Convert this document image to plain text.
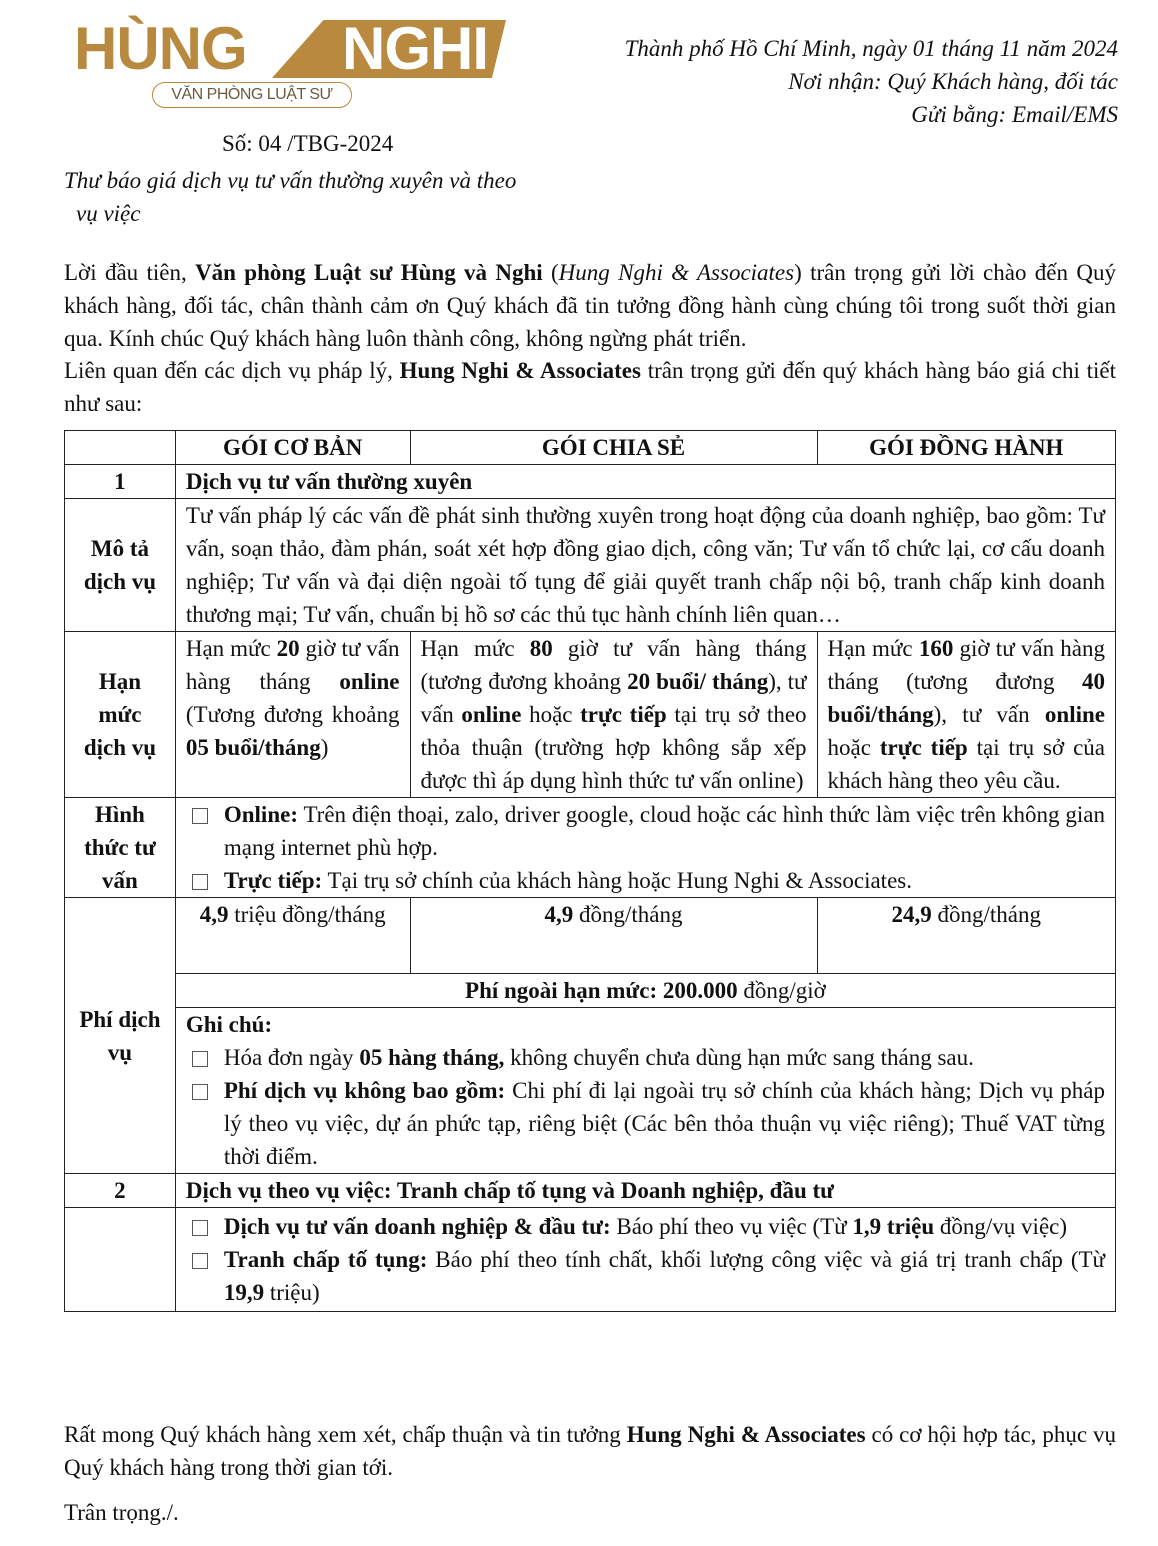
HÙNG NGHI
VĂN PHÒNG LUẬT SƯ
Thành phố Hồ Chí Minh, ngày 01 tháng 11 năm 2024
Nơi nhận: Quý Khách hàng, đối tác
Gửi bằng: Email/EMS
Số: 04 /TBG-2024
Thư báo giá dịch vụ tư vấn thường xuyên và theo
vụ việc
Lời đầu tiên, Văn phòng Luật sư Hùng và Nghi (Hung Nghi & Associates) trân trọng gửi lời chào đến Quý khách hàng, đối tác, chân thành cảm ơn Quý khách đã tin tưởng đồng hành cùng chúng tôi trong suốt thời gian qua. Kính chúc Quý khách hàng luôn thành công, không ngừng phát triển.
Liên quan đến các dịch vụ pháp lý, Hung Nghi & Associates trân trọng gửi đến quý khách hàng báo giá chi tiết như sau:
	GÓI CƠ BẢN	GÓI CHIA SẺ	GÓI ĐỒNG HÀNH
1	Dịch vụ tư vấn thường xuyên		
Mô tả dịch vụ	Tư vấn pháp lý các vấn đề phát sinh thường xuyên trong hoạt động của doanh nghiệp, bao gồm: Tư vấn, soạn thảo, đàm phán, soát xét hợp đồng giao dịch, công văn; Tư vấn tổ chức lại, cơ cấu doanh nghiệp; Tư vấn và đại diện ngoài tố tụng để giải quyết tranh chấp nội bộ, tranh chấp kinh doanh thương mại; Tư vấn, chuẩn bị hồ sơ các thủ tục hành chính liên quan…		
Hạn mức dịch vụ	Hạn mức 20 giờ tư vấn hàng tháng online (Tương đương khoảng 05 buổi/tháng)	Hạn mức 80 giờ tư vấn hàng tháng (tương đương khoảng 20 buổi/ tháng), tư vấn online hoặc trực tiếp tại trụ sở theo thỏa thuận (trường hợp không sắp xếp được thì áp dụng hình thức tư vấn online)	Hạn mức 160 giờ tư vấn hàng tháng (tương đương 40 buổi/tháng), tư vấn online hoặc trực tiếp tại trụ sở của khách hàng theo yêu cầu.
Hình thức tư vấn	Online: Trên điện thoại, zalo, driver google, cloud hoặc các hình thức làm việc trên không gian mạng internet phù hợp.
Trực tiếp: Tại trụ sở chính của khách hàng hoặc Hung Nghi & Associates.		

Phí dịch vụ	4,9 triệu đồng/tháng	4,9 đồng/tháng	24,9 đồng/tháng
	Phí ngoài hạn mức: 200.000 đồng/giờ		

	Ghi chú:
Hóa đơn ngày 05 hàng tháng, không chuyển chưa dùng hạn mức sang tháng sau.
Phí dịch vụ không bao gồm: Chi phí đi lại ngoài trụ sở chính của khách hàng; Dịch vụ pháp lý theo vụ việc, dự án phức tạp, riêng biệt (Các bên thỏa thuận vụ việc riêng); Thuế VAT từng thời điểm.		

2	Dịch vụ theo vụ việc: Tranh chấp tố tụng và Doanh nghiệp, đầu tư		

	Dịch vụ tư vấn doanh nghiệp & đầu tư: Báo phí theo vụ việc (Từ 1,9 triệu đồng/vụ việc)
Tranh chấp tố tụng: Báo phí theo tính chất, khối lượng công việc và giá trị tranh chấp (Từ 19,9 triệu)		
Rất mong Quý khách hàng xem xét, chấp thuận và tin tưởng Hung Nghi & Associates có cơ hội hợp tác, phục vụ Quý khách hàng trong thời gian tới.
Trân trọng./.
